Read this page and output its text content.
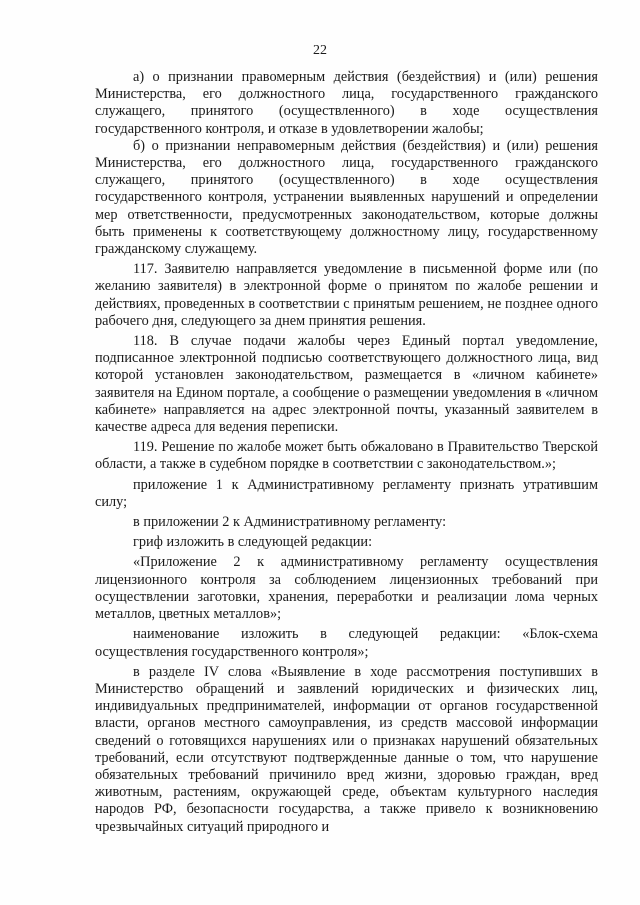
22

а) о признании правомерным действия (бездействия) и (или) решения Министерства, его должностного лица, государственного гражданского служащего, принятого (осуществленного) в ходе осуществления государственного контроля, и отказе в удовлетворении жалобы;

б) о признании неправомерным действия (бездействия) и (или) решения Министерства, его должностного лица, государственного гражданского служащего, принятого (осуществленного) в ходе осуществления государственного контроля, устранении выявленных нарушений и определении мер ответственности, предусмотренных законодательством, которые должны быть применены к соответствующему должностному лицу, государственному гражданскому служащему.

117. Заявителю направляется уведомление в письменной форме или (по желанию заявителя) в электронной форме о принятом по жалобе решении и действиях, проведенных в соответствии с принятым решением, не позднее одного рабочего дня, следующего за днем принятия решения.

118. В случае подачи жалобы через Единый портал уведомление, подписанное электронной подписью соответствующего должностного лица, вид которой установлен законодательством, размещается в «личном кабинете» заявителя на Едином портале, а сообщение о размещении уведомления в «личном кабинете» направляется на адрес электронной почты, указанный заявителем в качестве адреса для ведения переписки.

119. Решение по жалобе может быть обжаловано в Правительство Тверской области, а также в судебном порядке в соответствии с законодательством.»;

приложение 1 к Административному регламенту признать утратившим силу;

в приложении 2 к Административному регламенту:

гриф изложить в следующей редакции:

«Приложение 2 к административному регламенту осуществления лицензионного контроля за соблюдением лицензионных требований при осуществлении заготовки, хранения, переработки и реализации лома черных металлов, цветных металлов»;

наименование изложить в следующей редакции: «Блок-схема осуществления государственного контроля»;

в разделе IV слова «Выявление в ходе рассмотрения поступивших в Министерство обращений и заявлений юридических и физических лиц, индивидуальных предпринимателей, информации от органов государственной власти, органов местного самоуправления, из средств массовой информации сведений о готовящихся нарушениях или о признаках нарушений обязательных требований, если отсутствуют подтвержденные данные о том, что нарушение обязательных требований причинило вред жизни, здоровью граждан, вред животным, растениям, окружающей среде, объектам культурного наследия народов РФ, безопасности государства, а также привело к возникновению чрезвычайных ситуаций природного и
